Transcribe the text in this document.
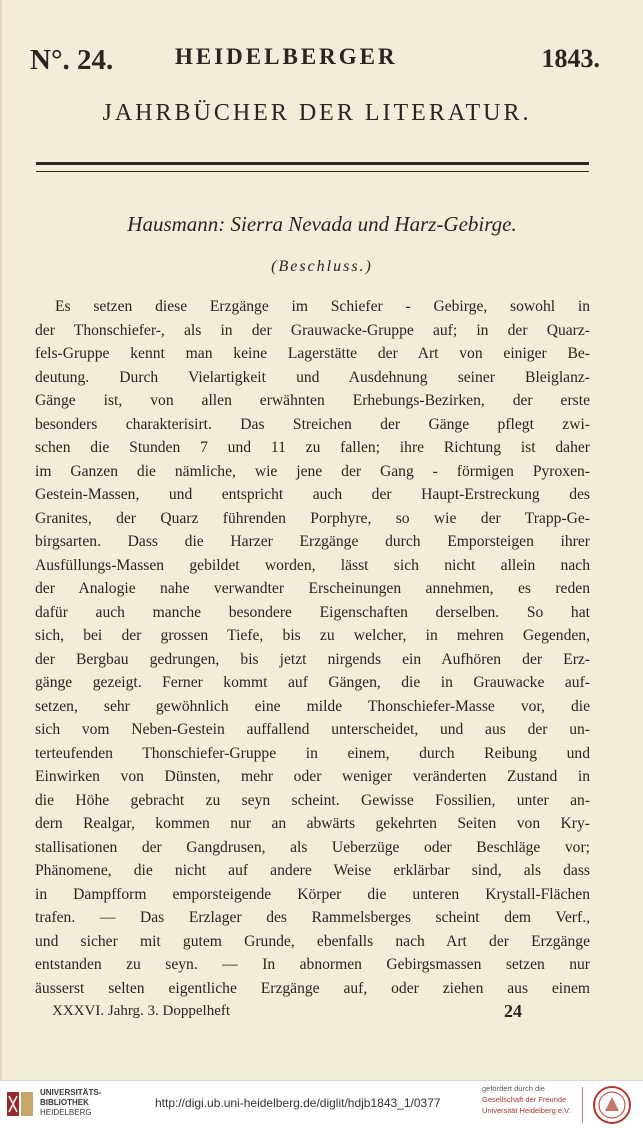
N°. 24.	HEIDELBERGER	1843.
JAHRBÜCHER DER LITERATUR.
Hausmann: Sierra Nevada und Harz-Gebirge.
(Beschluss.)
Es setzen diese Erzgänge im Schiefer - Gebirge, sowohl in
der Thonschiefer-, als in der Grauwacke-Gruppe auf; in der Quarz-
fels-Gruppe kennt man keine Lagerstätte der Art von einiger Be-
deutung. Durch Vielartigkeit und Ausdehnung seiner Bleiglanz-
Gänge ist, von allen erwähnten Erhebungs-Bezirken, der erste
besonders charakterisirt. Das Streichen der Gänge pflegt zwi-
schen die Stunden 7 und 11 zu fallen; ihre Richtung ist daher
im Ganzen die nämliche, wie jene der Gang - förmigen Pyroxen-
Gestein-Massen, und entspricht auch der Haupt-Erstreckung des
Granites, der Quarz führenden Porphyre, so wie der Trapp-Ge-
birgsarten. Dass die Harzer Erzgänge durch Emporsteigen ihrer
Ausfüllungs-Massen gebildet worden, lässt sich nicht allein nach
der Analogie nahe verwandter Erscheinungen annehmen, es reden
dafür auch manche besondere Eigenschaften derselben. So hat
sich, bei der grossen Tiefe, bis zu welcher, in mehren Gegenden,
der Bergbau gedrungen, bis jetzt nirgends ein Aufhören der Erz-
gänge gezeigt. Ferner kommt auf Gängen, die in Grauwacke auf-
setzen, sehr gewöhnlich eine milde Thonschiefer-Masse vor, die
sich vom Neben-Gestein auffallend unterscheidet, und aus der un-
terteufenden Thonschiefer-Gruppe in einem, durch Reibung und
Einwirken von Dünsten, mehr oder weniger veränderten Zustand in
die Höhe gebracht zu seyn scheint. Gewisse Fossilien, unter an-
dern Realgar, kommen nur an abwärts gekehrten Seiten von Kry-
stallisationen der Gangdrusen, als Ueberzüge oder Beschläge vor;
Phänomene, die nicht auf andere Weise erklärbar sind, als dass
in Dampfform emporsteigende Körper die unteren Krystall-Flächen
trafen. — Das Erzlager des Rammelsberges scheint dem Verf.,
und sicher mit gutem Grunde, ebenfalls nach Art der Erzgänge
entstanden zu seyn. — In abnormen Gebirgsmassen setzen nur
äusserst selten eigentliche Erzgänge auf, oder ziehen aus einem
XXXVI. Jahrg. 3. Doppelheft	24
UNIVERSITÄTS-
BIBLIOTHEK
HEIDELBERG
http://digi.ub.uni-heidelberg.de/diglit/hdjb1843_1/0377
gefördert durch die
Gesellschaft der Freunde
Universität Heidelberg e.V.
